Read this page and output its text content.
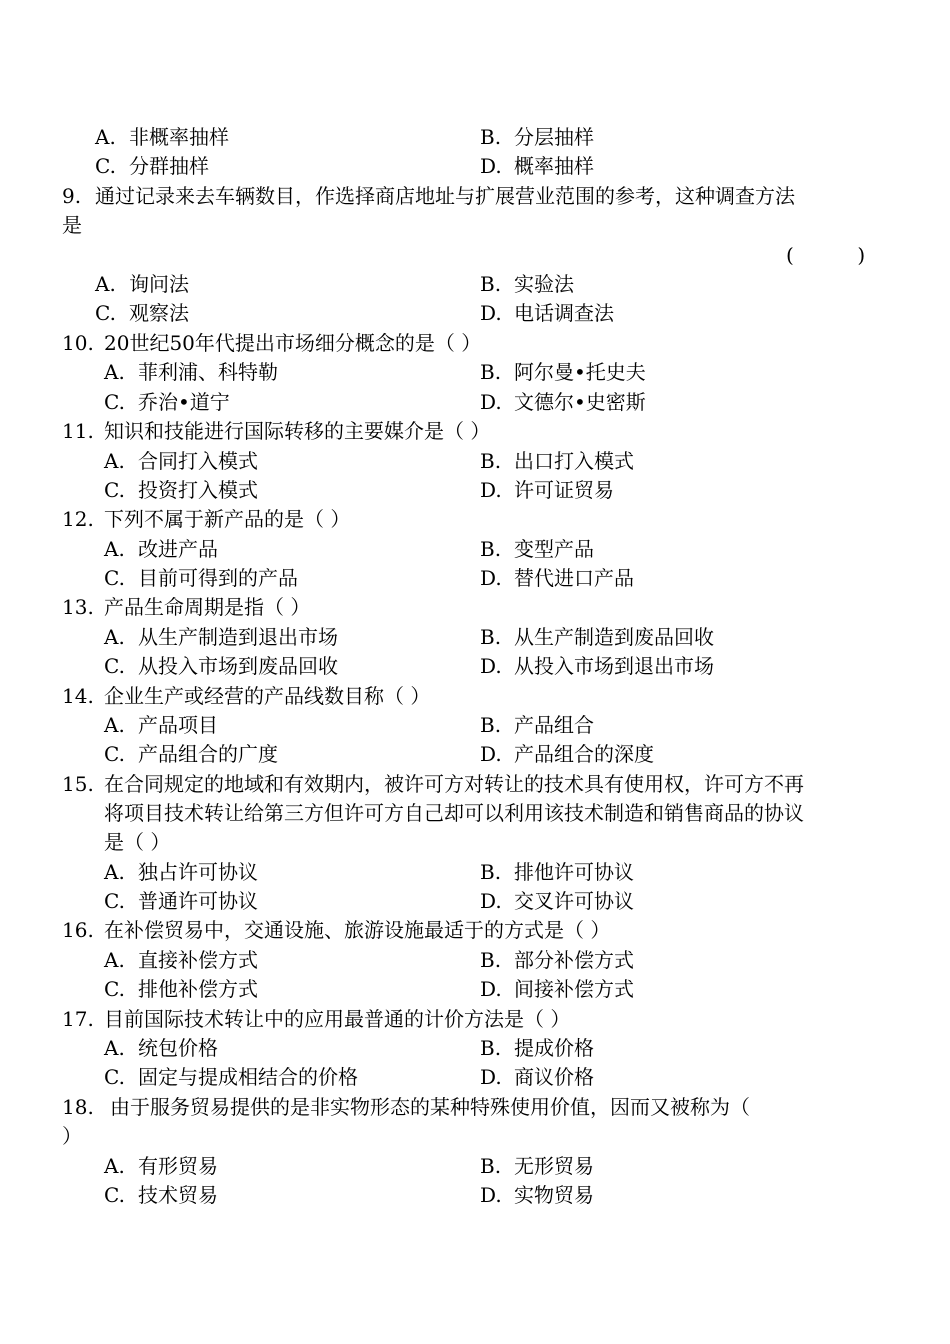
A. 非概率抽样	B. 分层抽样
C. 分群抽样	D. 概率抽样
9. 通过记录来去车辆数目，作选择商店地址与扩展营业范围的参考，这种调查方法
是
(          )
A. 询问法	B. 实验法
C. 观察法	D. 电话调查法
10. 20世纪50年代提出市场细分概念的是（ ）
A. 菲利浦、科特勒	B. 阿尔曼•托史夫
C. 乔治•道宁	D. 文德尔•史密斯
11. 知识和技能进行国际转移的主要媒介是（ ）
A. 合同打入模式	B. 出口打入模式
C. 投资打入模式	D. 许可证贸易
12. 下列不属于新产品的是（ ）
A. 改进产品	B. 变型产品
C. 目前可得到的产品	D. 替代进口产品
13. 产品生命周期是指（ ）
A. 从生产制造到退出市场	B. 从生产制造到废品回收
C. 从投入市场到废品回收	D. 从投入市场到退出市场
14. 企业生产或经营的产品线数目称（ ）
A. 产品项目	B. 产品组合
C. 产品组合的广度	D. 产品组合的深度
15. 在合同规定的地域和有效期内，被许可方对转让的技术具有使用权，许可方不再
将项目技术转让给第三方但许可方自己却可以利用该技术制造和销售商品的协议
是（ ）
A. 独占许可协议	B. 排他许可协议
C. 普通许可协议	D. 交叉许可协议
16. 在补偿贸易中，交通设施、旅游设施最适于的方式是（ ）
A. 直接补偿方式	B. 部分补偿方式
C. 排他补偿方式	D. 间接补偿方式
17. 目前国际技术转让中的应用最普通的计价方法是（ ）
A. 统包价格	B. 提成价格
C. 固定与提成相结合的价格	D. 商议价格
18. 由于服务贸易提供的是非实物形态的某种特殊使用价值，因而又被称为（
）
A. 有形贸易	B. 无形贸易
C. 技术贸易	D. 实物贸易
